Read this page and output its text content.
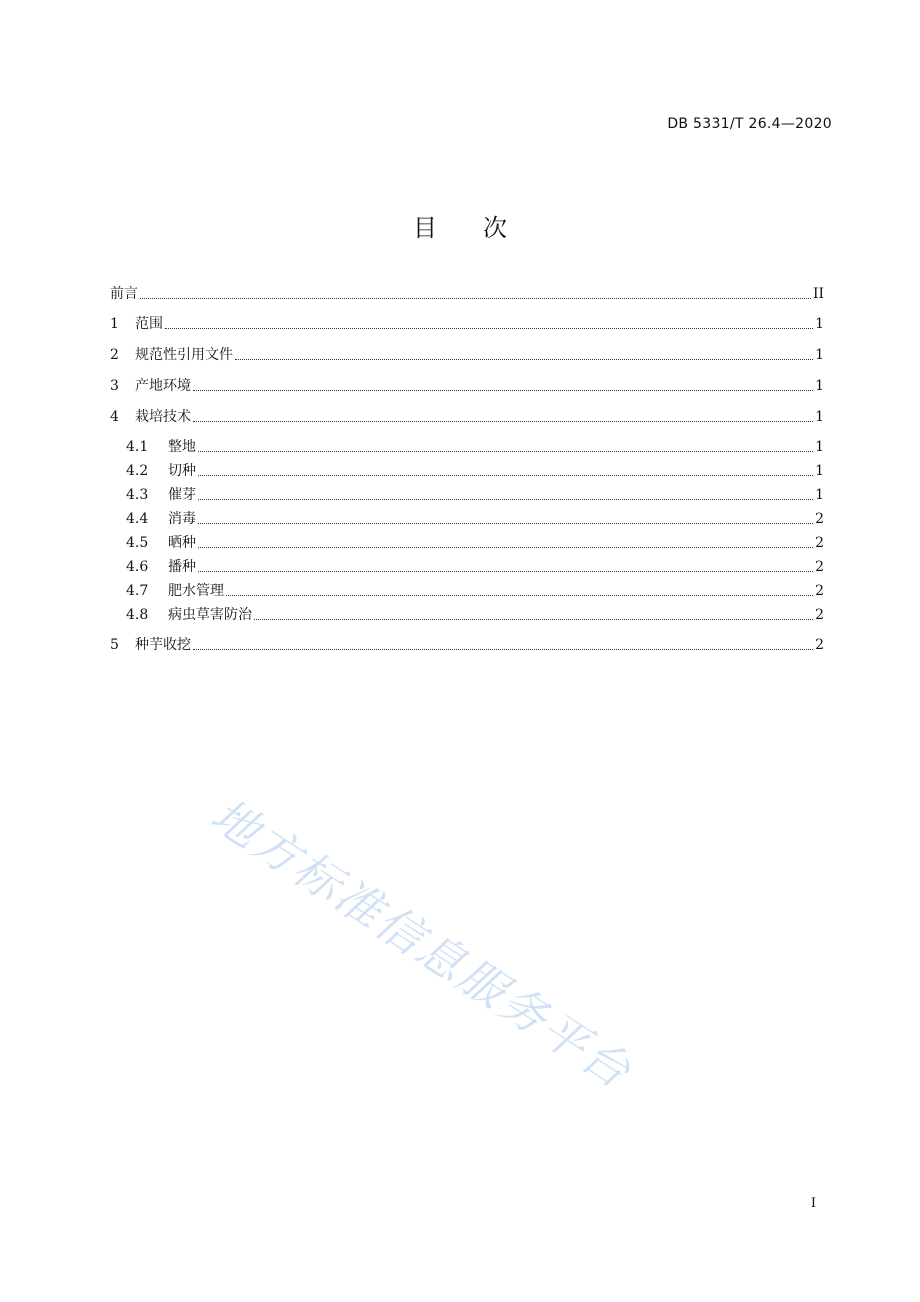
DB 5331/T 26.4—2020
目 次
前言	II
1	范围	1
2	规范性引用文件	1
3	产地环境	1
4	栽培技术	1
4.1	整地	1
4.2	切种	1
4.3	催芽	1
4.4	消毒	2
4.5	晒种	2
4.6	播种	2
4.7	肥水管理	2
4.8	病虫草害防治	2
5	种芋收挖	2
地方标准信息服务平台
I
